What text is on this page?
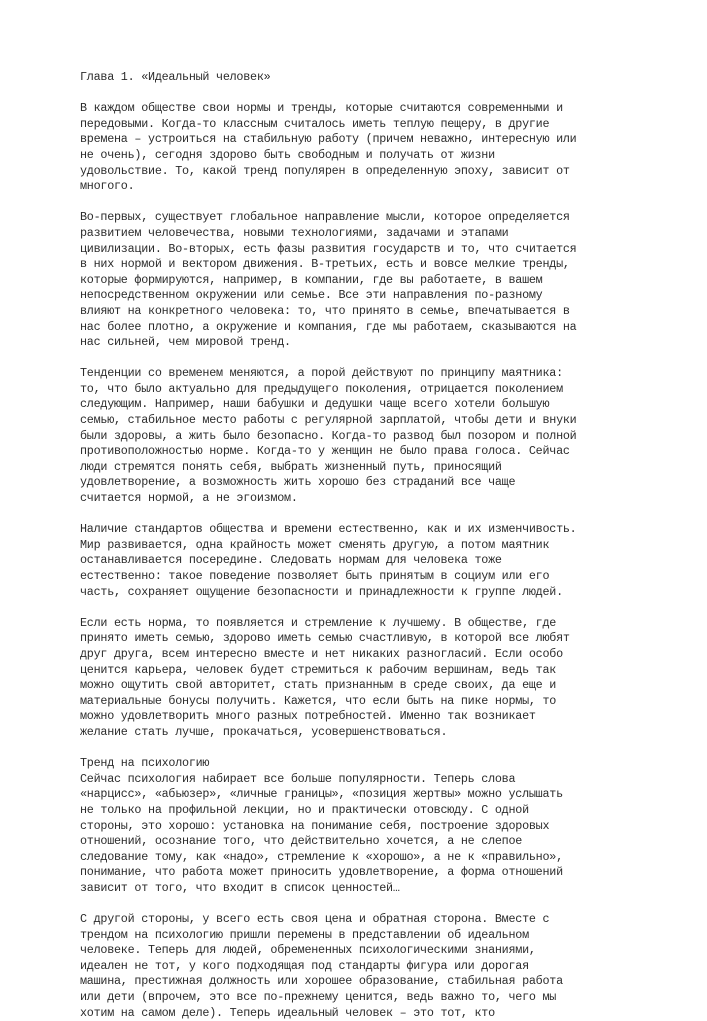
Глава 1. «Идеальный человек»

В каждом обществе свои нормы и тренды, которые считаются современными и
передовыми. Когда-то классным считалось иметь теплую пещеру, в другие
времена – устроиться на стабильную работу (причем неважно, интересную или
не очень), сегодня здорово быть свободным и получать от жизни
удовольствие. То, какой тренд популярен в определенную эпоху, зависит от
многого.

Во-первых, существует глобальное направление мысли, которое определяется
развитием человечества, новыми технологиями, задачами и этапами
цивилизации. Во-вторых, есть фазы развития государств и то, что считается
в них нормой и вектором движения. В-третьих, есть и вовсе мелкие тренды,
которые формируются, например, в компании, где вы работаете, в вашем
непосредственном окружении или семье. Все эти направления по-разному
влияют на конкретного человека: то, что принято в семье, впечатывается в
нас более плотно, а окружение и компания, где мы работаем, сказываются на
нас сильней, чем мировой тренд.

Тенденции со временем меняются, а порой действуют по принципу маятника:
то, что было актуально для предыдущего поколения, отрицается поколением
следующим. Например, наши бабушки и дедушки чаще всего хотели большую
семью, стабильное место работы с регулярной зарплатой, чтобы дети и внуки
были здоровы, а жить было безопасно. Когда-то развод был позором и полной
противоположностью норме. Когда-то у женщин не было права голоса. Сейчас
люди стремятся понять себя, выбрать жизненный путь, приносящий
удовлетворение, а возможность жить хорошо без страданий все чаще
считается нормой, а не эгоизмом.

Наличие стандартов общества и времени естественно, как и их изменчивость.
Мир развивается, одна крайность может сменять другую, а потом маятник
останавливается посередине. Следовать нормам для человека тоже
естественно: такое поведение позволяет быть принятым в социум или его
часть, сохраняет ощущение безопасности и принадлежности к группе людей.

Если есть норма, то появляется и стремление к лучшему. В обществе, где
принято иметь семью, здорово иметь семью счастливую, в которой все любят
друг друга, всем интересно вместе и нет никаких разногласий. Если особо
ценится карьера, человек будет стремиться к рабочим вершинам, ведь так
можно ощутить свой авторитет, стать признанным в среде своих, да еще и
материальные бонусы получить. Кажется, что если быть на пике нормы, то
можно удовлетворить много разных потребностей. Именно так возникает
желание стать лучше, прокачаться, усовершенствоваться.

Тренд на психологию

Сейчас психология набирает все больше популярности. Теперь слова
«нарцисс», «абьюзер», «личные границы», «позиция жертвы» можно услышать
не только на профильной лекции, но и практически отовсюду. С одной
стороны, это хорошо: установка на понимание себя, построение здоровых
отношений, осознание того, что действительно хочется, а не слепое
следование тому, как «надо», стремление к «хорошо», а не к «правильно»,
понимание, что работа может приносить удовлетворение, а форма отношений
зависит от того, что входит в список ценностей…

С другой стороны, у всего есть своя цена и обратная сторона. Вместе с
трендом на психологию пришли перемены в представлении об идеальном
человеке. Теперь для людей, обремененных психологическими знаниями,
идеален не тот, у кого подходящая под стандарты фигура или дорогая
машина, престижная должность или хорошее образование, стабильная работа
или дети (впрочем, это все по-прежнему ценится, ведь важно то, чего мы
хотим на самом деле). Теперь идеальный человек – это тот, кто
